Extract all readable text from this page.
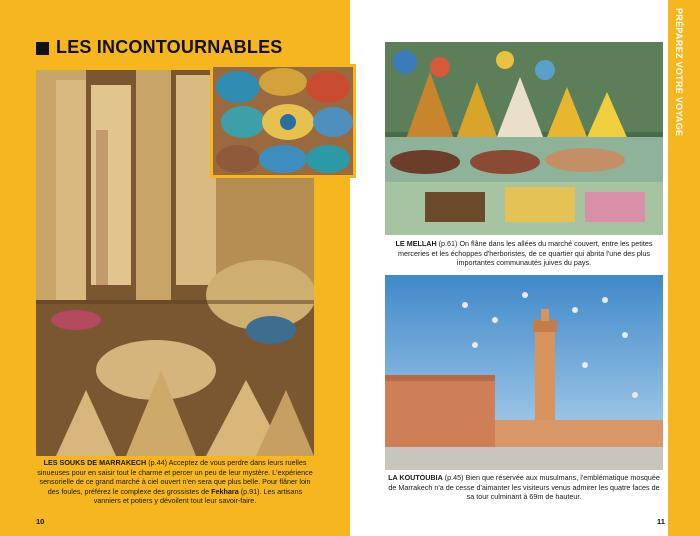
PRÉPAREZ VOTRE VOYAGE
LES INCONTOURNABLES
LES SOUKS DE MARRAKECH (p.44) Acceptez de vous perdre dans leurs ruelles sinueuses pour en saisir tout le charme et percer un peu de leur mystère. L'expérience sensorielle de ce grand marché à ciel ouvert n'en sera que plus belle. Pour flâner loin des foules, préférez le complexe des grossistes de Fekhara (p.91). Les artisans vanniers et potiers y dévoilent tout leur savoir-faire.
10
LE MELLAH (p.61) On flâne dans les allées du marché couvert, entre les petites merceries et les échoppes d'herboristes, de ce quartier qui abrita l'une des plus importantes communautés juives du pays.
LA KOUTOUBIA (p.45) Bien que réservée aux musulmans, l'emblématique mosquée de Marrakech n'a de cesse d'aimanter les visiteurs venus admirer les quatre faces de sa tour culminant à 69m de hauteur.
11
